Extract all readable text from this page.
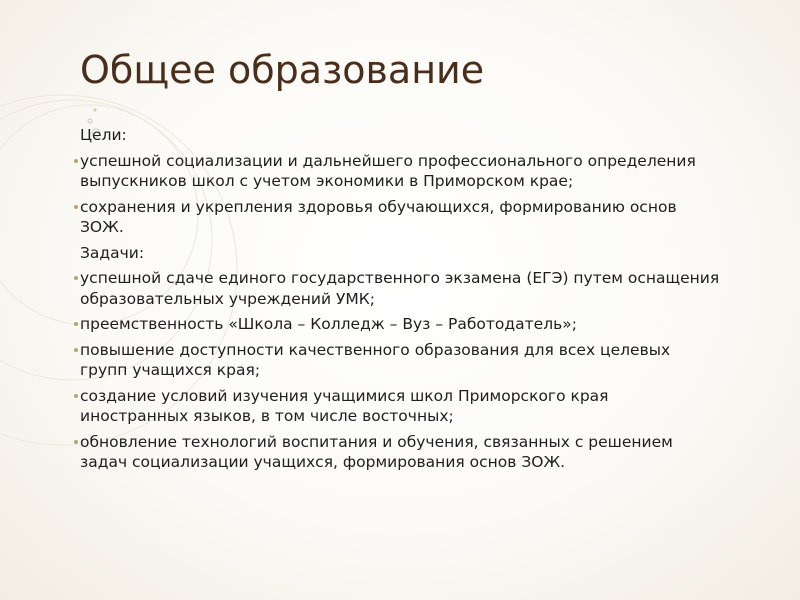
Общее образование

Цели:

успешной социализации и дальнейшего профессионального определения выпускников школ с учетом экономики в Приморском крае;

сохранения и укрепления здоровья обучающихся, формированию основ ЗОЖ.

Задачи:

успешной сдаче единого государственного экзамена (ЕГЭ) путем оснащения образовательных учреждений УМК;

преемственность «Школа – Колледж – Вуз – Работодатель»;

повышение доступности качественного образования для всех целевых групп учащихся края;

создание условий изучения учащимися школ Приморского края иностранных языков, в том числе восточных;

обновление технологий воспитания и обучения, связанных с решением задач социализации учащихся, формирования основ ЗОЖ.
